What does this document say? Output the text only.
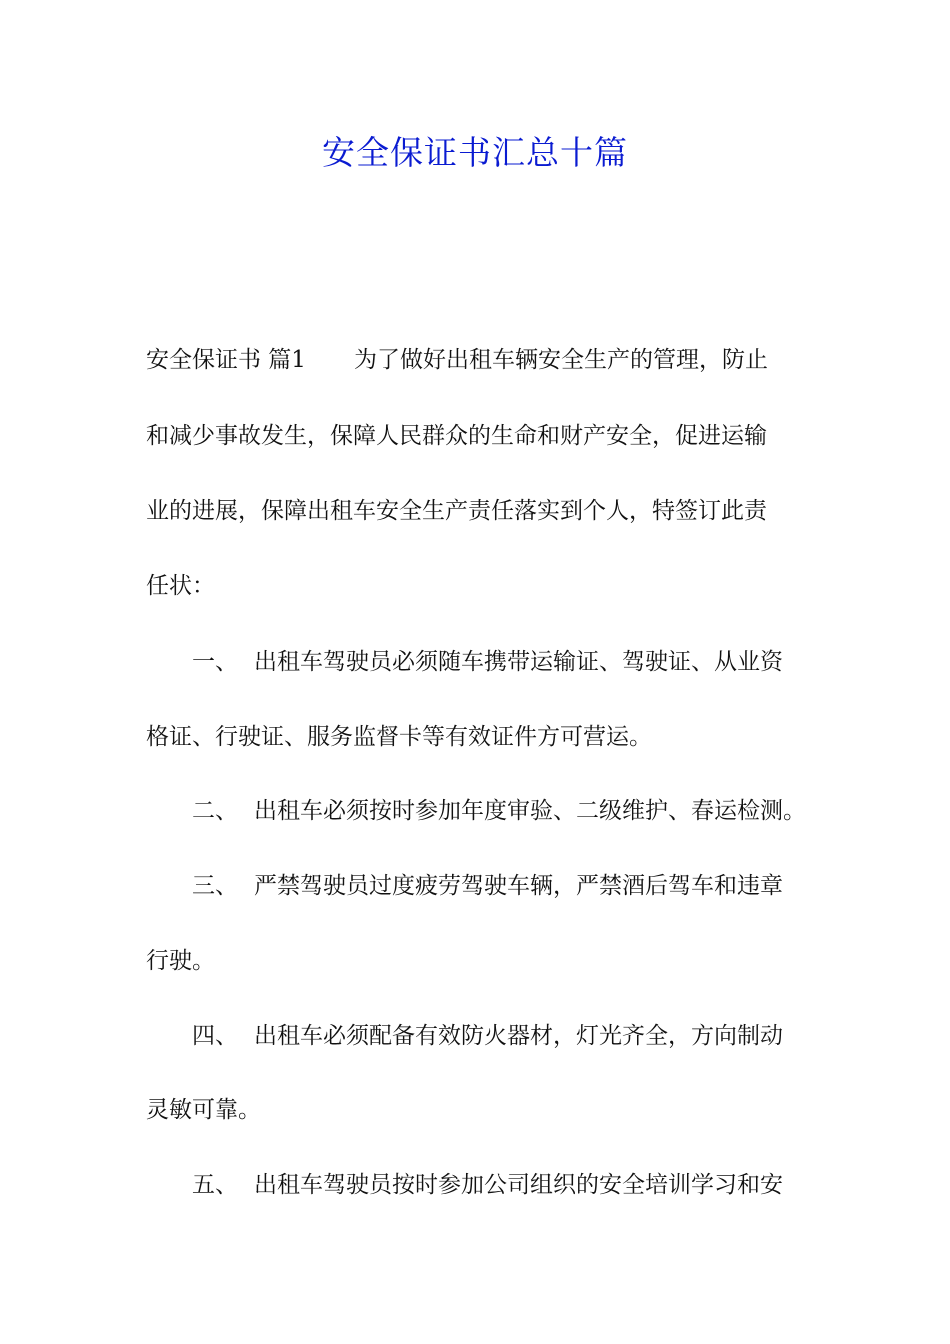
安全保证书汇总十篇

安全保证书 篇1 为了做好出租车辆安全生产的管理，防止

和减少事故发生，保障人民群众的生命和财产安全，促进运输

业的进展，保障出租车安全生产责任落实到个人，特签订此责

任状：

一、 出租车驾驶员必须随车携带运输证、驾驶证、从业资

格证、行驶证、服务监督卡等有效证件方可营运。

二、 出租车必须按时参加年度审验、二级维护、春运检测。

三、 严禁驾驶员过度疲劳驾驶车辆，严禁酒后驾车和违章

行驶。

四、 出租车必须配备有效防火器材，灯光齐全，方向制动

灵敏可靠。

五、 出租车驾驶员按时参加公司组织的安全培训学习和安
